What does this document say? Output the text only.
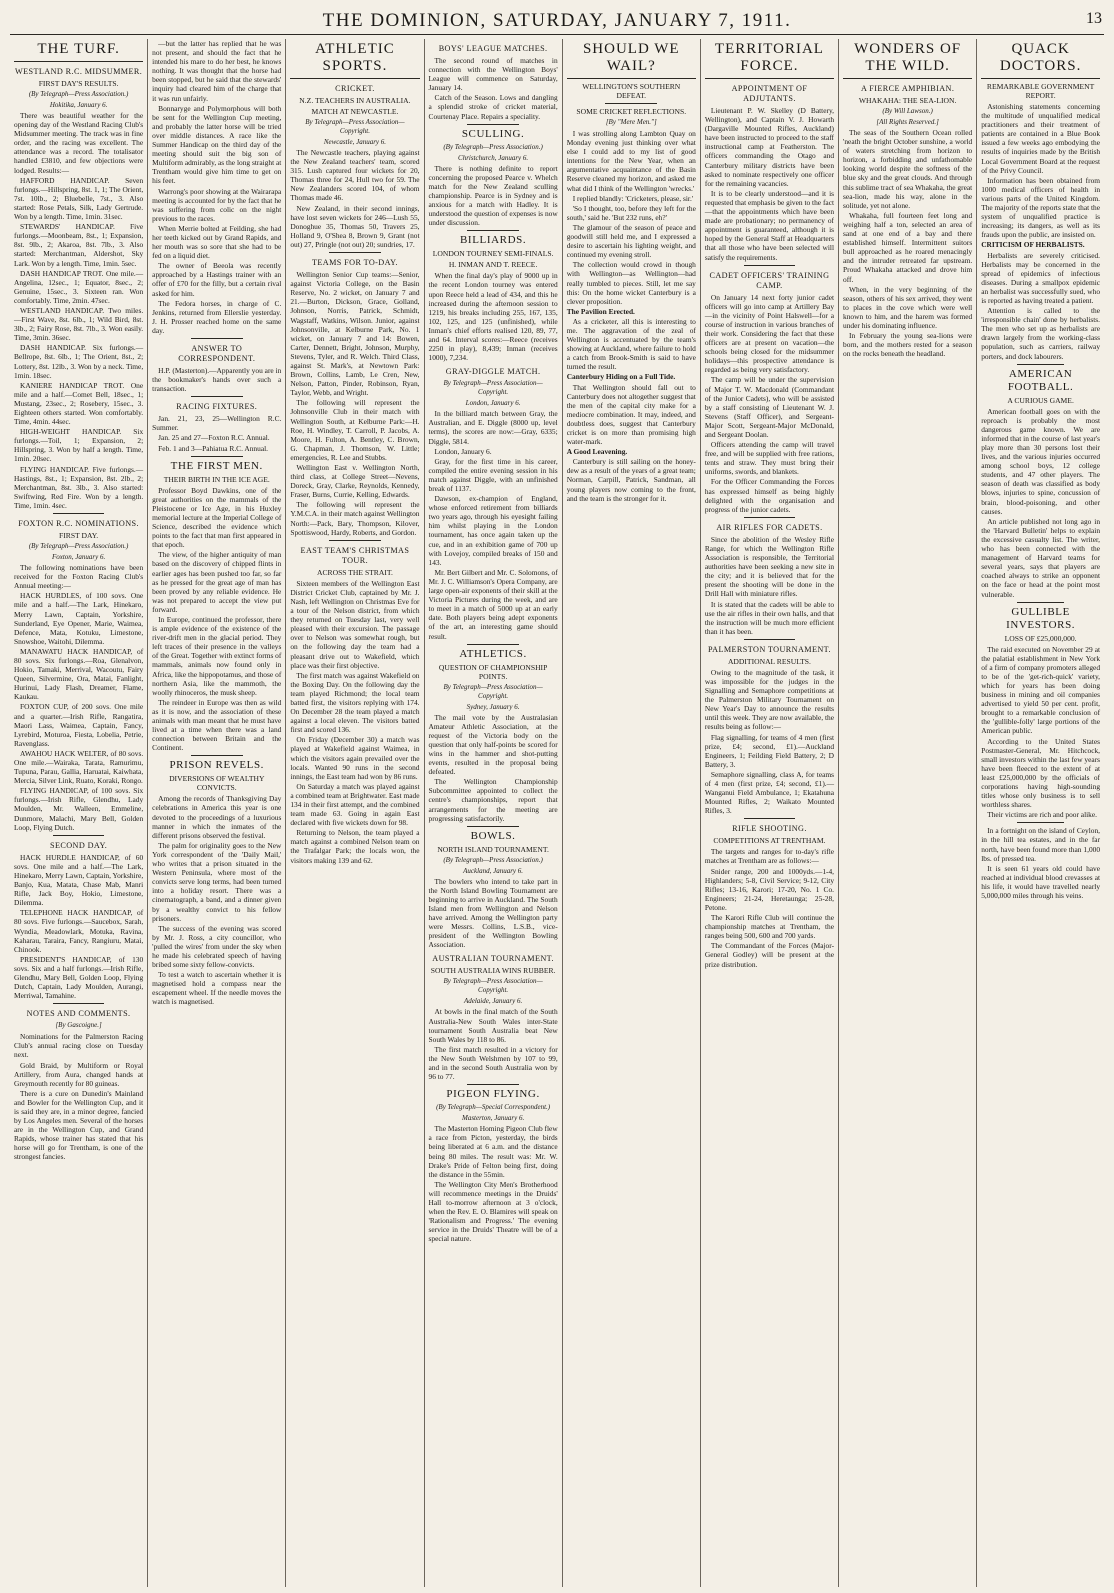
THE DOMINION, SATURDAY, JANUARY 7, 1911.	13
THE TURF.
WESTLAND R.C. MIDSUMMER.
FIRST DAY'S RESULTS.
(By Telegraph—Press Association.)
Hokitika, January 6.

There was beautiful weather for the opening day of the Westland Racing Club's Midsummer meeting. The track was in fine order, and the racing was excellent. The attendance was a record. The totalisator handled £3810, and few objections were lodged. Results:—

HAFFORD HANDICAP. Seven furlongs.—Hillspring, 8st. 1, 1; The Orient, 7st. 10lb., 2; Bluebelle, 7st., 3. Also started: Rose Petals, Silk, Lady Gertrude. Won by a length. Time, 1min. 31sec.

STEWARDS' HANDICAP. Five furlongs.—Moonbeam, 8st., 1; Expansion, 8st. 9lb., 2; Akaroa, 8st. 7lb., 3. Also started: Merchantman, Aldershot, Sky Lark. Won by a length. Time, 1min. 5sec.

DASH HANDICAP TROT. One mile.—Angelina, 12sec., 1; Equator, 8sec., 2; Genuine, 15sec., 3. Sixteen ran. Won comfortably. Time, 2min. 47sec.

WESTLAND HANDICAP. Two miles.—First Wave, 8st. 6lb., 1; Wild Bird, 8st. 3lb., 2; Fairy Rose, 8st. 7lb., 3. Won easily. Time, 3min. 36sec.

DASH HANDICAP. Six furlongs.—Bellrope, 8st. 6lb., 1; The Orient, 8st., 2; Lottery, 8st. 12lb., 3. Won by a neck. Time, 1min. 18sec.

KANIERE HANDICAP TROT. One mile and a half.—Comet Bell, 18sec., 1; Mustang, 23sec., 2; Rosebery, 15sec., 3. Eighteen others started. Won comfortably. Time, 4min. 44sec.

HIGH-WEIGHT HANDICAP. Six furlongs.—Toil, 1; Expansion, 2; Hillspring, 3. Won by half a length. Time, 1min. 20sec.

FLYING HANDICAP. Five furlongs.—Hastings, 8st., 1; Expansion, 8st. 2lb., 2; Merchantman, 8st. 3lb., 3. Also started: Swiftwing, Red Fire. Won by a length. Time, 1min. 4sec.

FOXTON R.C. NOMINATIONS.
FIRST DAY.
(By Telegraph—Press Association.)
Foxton, January 6.

The following nominations have been received for the Foxton Racing Club's Annual meeting:—

HACK HURDLES, of 100 sovs. One mile and a half.—The Lark, Hinekaro, Merry Lawn, Captain, Yorkshire, Sunderland, Eye Opener, Marie, Waimea, Defence, Mata, Kotuku, Limestone, Snowshoe, Waitohi, Dilemma.

MANAWATU HACK HANDICAP, of 80 sovs. Six furlongs.—Roa, Glenalvon, Hokio, Tamaki, Merrival, Wacoutu, Fairy Queen, Silvermine, Ora, Matai, Fanlight, Hurinui, Lady Flash, Dreamer, Flame, Kaukau.

FOXTON CUP, of 200 sovs. One mile and a quarter.—Irish Rifle, Rangatira, Maori Lass, Waimea, Captain, Fancy, Lyrebird, Moturoa, Fiesta, Lobelia, Petrie, Ravenglass.

AWAHOU HACK WELTER, of 80 sovs. One mile.—Wairaka, Tarata, Ramurimu, Tupuna, Parau, Gallia, Haruatai, Kaiwhata, Mercia, Silver Link, Ruato, Koraki, Rongo.

FLYING HANDICAP, of 100 sovs. Six furlongs.—Irish Rifle, Glendhu, Lady Moulden, Mr. Walleen, Emmeline, Dunmore, Malachi, Mary Bell, Golden Loop, Flying Dutch.

SECOND DAY.

HACK HURDLE HANDICAP, of 60 sovs. One mile and a half.—The Lark, Hinekaro, Merry Lawn, Captain, Yorkshire, Banjo, Kua, Matata, Chase Mab, Manri Rifle, Jack Boy, Hokio, Limestone, Dilemma.

TELEPHONE HACK HANDICAP, of 80 sovs. Five furlongs.—Saucebox, Sarah, Wyndia, Meadowlark, Motuka, Ravina, Kaharau, Taraira, Fancy, Rangiuru, Matai, Chinook.

PRESIDENT'S HANDICAP, of 130 sovs. Six and a half furlongs.—Irish Rifle, Glendhu, Mary Bell, Golden Loop, Flying Dutch, Captain, Lady Moulden, Aurangi, Merriwal, Tamahine.

NOTES AND COMMENTS.
[By Gascoigne.]

Nominations for the Palmerston Racing Club's annual racing close on Tuesday next.

Gold Braid, by Multiform or Royal Artillery, from Aura, changed hands at Greymouth recently for 80 guineas.

There is a cure on Dunedin's Mainland and Bowler for the Wellington Cup, and it is said they are, in a minor degree, fancied by Los Angeles men. Several of the horses are in the Wellington Cup, and Grand Rapids, whose trainer has stated that his horse will go for Trentham, is one of the strongest fancies.

—but the latter has replied that he was not present, and should the fact that he intended his mare to do her best, he knows nothing. It was thought that the horse had been stopped, but he said that the stewards' inquiry had cleared him of the charge that it was run unfairly.

Bonnaryge and Polymorphous will both be sent for the Wellington Cup meeting, and probably the latter horse will be tried over middle distances. A race like the Summer Handicap on the third day of the meeting should suit the big son of Multiform admirably, as the long straight at Trentham would give him time to get on his feet.

Warrong's poor showing at the Wairarapa meeting is accounted for by the fact that he was suffering from colic on the night previous to the races.

When Merrie bolted at Feilding, she had her teeth kicked out by Grand Rapids, and her mouth was so sore that she had to be fed on a liquid diet.

The owner of Beeola was recently approached by a Hastings trainer with an offer of £70 for the filly, but a certain rival asked for him.

The Fedora horses, in charge of C. Jenkins, returned from Ellerslie yesterday. J. H. Prosser reached home on the same day.

ANSWER TO CORRESPONDENT.

H.P. (Masterton).—Apparently you are in the bookmaker's hands over such a transaction.

RACING FIXTURES.

Jan. 21, 23, 25—Wellington R.C. Summer.

Jan. 25 and 27—Foxton R.C. Annual.

Feb. 1 and 3—Pahiatua R.C. Annual.

THE FIRST MEN.
THEIR BIRTH IN THE ICE AGE.

Professor Boyd Dawkins, one of the great authorities on the mammals of the Pleistocene or Ice Age, in his Huxley memorial lecture at the Imperial College of Science, described the evidence which points to the fact that man first appeared in that epoch.

The view, of the higher antiquity of man based on the discovery of chipped flints in earlier ages has been pushed too far, so far as he pressed for the great age of man has been proved by any reliable evidence. He was not prepared to accept the view put forward.

In Europe, continued the professor, there is ample evidence of the existence of the river-drift men in the glacial period. They left traces of their presence in the valleys of the Great. Together with extinct forms of mammals, animals now found only in Africa, like the hippopotamus, and those of northern Asia, like the mammoth, the woolly rhinoceros, the musk sheep.

The reindeer in Europe was then as wild as it is now, and the association of these animals with man meant that he must have lived at a time when there was a land connection between Britain and the Continent.

PRISON REVELS.
DIVERSIONS OF WEALTHY CONVICTS.

Among the records of Thanksgiving Day celebrations in America this year is one devoted to the proceedings of a luxurious manner in which the inmates of the different prisons observed the festival.

The palm for originality goes to the New York correspondent of the 'Daily Mail,' who writes that a prison situated in the Western Peninsula, where most of the convicts serve long terms, had been turned into a holiday resort. There was a cinematograph, a band, and a dinner given by a wealthy convict to his fellow prisoners.

The success of the evening was scored by Mr. J. Ross, a city councillor, who 'pulled the wires' from under the sky when he made his celebrated speech of having bribed some sixty fellow-convicts.

To test a watch to ascertain whether it is magnetised hold a compass near the escapement wheel. If the needle moves the watch is magnetised.

ATHLETIC SPORTS.
CRICKET.
N.Z. TEACHERS IN AUSTRALIA.
MATCH AT NEWCASTLE.
By Telegraph—Press Association—Copyright.
Newcastle, January 6.

The Newcastle teachers, playing against the New Zealand teachers' team, scored 315. Lush captured four wickets for 20, Thomas three for 24, Hull two for 59. The New Zealanders scored 104, of whom Thomas made 46.

New Zealand, in their second innings, have lost seven wickets for 246—Lush 55, Donoghue 35, Thomas 50, Travers 25, Holland 9, O'Shea 8, Brown 9, Grant (not out) 27, Pringle (not out) 20; sundries, 17.

TEAMS FOR TO-DAY.

Wellington Senior Cup teams:—Senior, against Victoria College, on the Basin Reserve, No. 2 wicket, on January 7 and 21.—Burton, Dickson, Grace, Golland, Johnson, Norris, Patrick, Schmidt, Wagstaff, Watkins, Wilson. Junior, against Johnsonville, at Kelburne Park, No. 1 wicket, on January 7 and 14: Bowen, Carter, Dennett, Bright, Johnson, Murphy, Stevens, Tyler, and R. Welch. Third Class, against St. Mark's, at Newtown Park: Brown, Collins, Lamb, Le Cren, New, Nelson, Patton, Pinder, Robinson, Ryan, Taylor, Webb, and Wright.

The following will represent the Johnsonville Club in their match with Wellington South, at Kelburne Park:—H. Roe, H. Windley, T. Carroll, P. Jacobs, A. Moore, H. Fulton, A. Bentley, C. Brown, G. Chapman, J. Thomson, W. Little; emergencies, R. Lee and Stubbs.

Wellington East v. Wellington North, third class, at College Street—Nevens, Doreck, Gray, Clarke, Reynolds, Kennedy, Fraser, Burns, Currie, Kelling, Edwards.

The following will represent the Y.M.C.A. in their match against Wellington North:—Pack, Bary, Thompson, Kilover, Spottiswood, Hardy, Roberts, and Gordon.

EAST TEAM'S CHRISTMAS TOUR.
ACROSS THE STRAIT.

Sixteen members of the Wellington East District Cricket Club, captained by Mr. J. Nash, left Wellington on Christmas Eve for a tour of the Nelson district, from which they returned on Tuesday last, very well pleased with their excursion. The passage over to Nelson was somewhat rough, but on the following day the team had a pleasant drive out to Wakefield, which place was their first objective.

The first match was against Wakefield on the Boxing Day. On the following day the team played Richmond; the local team batted first, the visitors replying with 174. On December 28 the team played a match against a local eleven. The visitors batted first and scored 136.

On Friday (December 30) a match was played at Wakefield against Waimea, in which the visitors again prevailed over the locals. Wanted 90 runs in the second innings, the East team had won by 86 runs.

On Saturday a match was played against a combined team at Brightwater. East made 134 in their first attempt, and the combined team made 63. Going in again East declared with five wickets down for 98.

Returning to Nelson, the team played a match against a combined Nelson team on the Trafalgar Park; the locals won, the visitors making 139 and 62.

BOYS' LEAGUE MATCHES.

The second round of matches in connection with the Wellington Boys' League will commence on Saturday, January 14.

Catch of the Season. Lows and dangling a splendid stroke of cricket material, Courtenay Place. Repairs a speciality.

SCULLING.
(By Telegraph—Press Association.)
Christchurch, January 6.

There is nothing definite to report concerning the proposed Pearce v. Whelch match for the New Zealand sculling championship. Pearce is in Sydney and is anxious for a match with Hadley. It is understood the question of expenses is now under discussion.

BILLIARDS.
LONDON TOURNEY SEMI-FINALS.
H. INMAN AND T. REECE.

When the final day's play of 9000 up in the recent London tourney was entered upon Reece held a lead of 434, and this he increased during the afternoon session to 1219, his breaks including 255, 167, 135, 102, 125, and 125 (unfinished), while Inman's chief efforts realised 120, 89, 77, and 64. Interval scores:—Reece (receives 2250 in play), 8,439; Inman (receives 1000), 7,234.

GRAY-DIGGLE MATCH.
By Telegraph—Press Association—Copyright.
London, January 6.

In the billiard match between Gray, the Australian, and E. Diggle (8000 up, level terms), the scores are now:—Gray, 6335; Diggle, 5814.

London, January 6.

Gray, for the first time in his career, compiled the entire evening session in his match against Diggle, with an unfinished break of 1137.

Dawson, ex-champion of England, whose enforced retirement from billiards two years ago, through his eyesight failing him whilst playing in the London tournament, has once again taken up the cue, and in an exhibition game of 700 up with Lovejoy, compiled breaks of 150 and 143.

Mr. Bert Gilbert and Mr. C. Solomons, of Mr. J. C. Williamson's Opera Company, are large open-air exponents of their skill at the Victoria Pictures during the week, and are to meet in a match of 5000 up at an early date. Both players being adept exponents of the art, an interesting game should result.

ATHLETICS.
QUESTION OF CHAMPIONSHIP POINTS.
By Telegraph—Press Association—Copyright.
Sydney, January 6.

The mail vote by the Australasian Amateur Athletic Association, at the request of the Victoria body on the question that only half-points be scored for wins in the hammer and shot-putting events, resulted in the proposal being defeated.

The Wellington Championship Subcommittee appointed to collect the centre's championships, report that arrangements for the meeting are progressing satisfactorily.

BOWLS.
NORTH ISLAND TOURNAMENT.
(By Telegraph—Press Association.)
Auckland, January 6.

The bowlers who intend to take part in the North Island Bowling Tournament are beginning to arrive in Auckland. The South Island men from Wellington and Nelson have arrived. Among the Wellington party were Messrs. Collins, L.S.B., vice-president of the Wellington Bowling Association.

AUSTRALIAN TOURNAMENT.
SOUTH AUSTRALIA WINS RUBBER.
By Telegraph—Press Association—Copyright.
Adelaide, January 6.

At bowls in the final match of the South Australia-New South Wales inter-State tournament South Australia beat New South Wales by 118 to 86.

The first match resulted in a victory for the New South Welshmen by 107 to 99, and in the second South Australia won by 96 to 77.

PIGEON FLYING.
(By Telegraph—Special Correspondent.)
Masterton, January 6.

The Masterton Homing Pigeon Club flew a race from Picton, yesterday, the birds being liberated at 6 a.m. and the distance being 80 miles. The result was: Mr. W. Drake's Pride of Felton being first, doing the distance in the 55min.

The Wellington City Men's Brotherhood will recommence meetings in the Druids' Hall to-morrow afternoon at 3 o'clock, when the Rev. E. O. Blamires will speak on 'Rationalism and Progress.' The evening service in the Druids' Theatre will be of a special nature.

SHOULD WE WAIL?
WELLINGTON'S SOUTHERN DEFEAT.
SOME CRICKET REFLECTIONS.
[By "Mere Men."]

I was strolling along Lambton Quay on Monday evening just thinking over what else I could add to my list of good intentions for the New Year, when an argumentative acquaintance of the Basin Reserve cleaned my horizon, and asked me what did I think of the Wellington 'wrecks.'

I replied blandly: 'Cricketers, please, sir.'

'So I thought, too, before they left for the south,' said he. 'But 232 runs, eh?'

The glamour of the season of peace and goodwill still held me, and I expressed a desire to ascertain his lighting weight, and continued my evening stroll.

The collection would crowd in though with Wellington—as Wellington—had really tumbled to pieces. Still, let me say this: On the home wicket Canterbury is a clever proposition.

The Pavilion Erected.

As a cricketer, all this is interesting to me. The aggravation of the zeal of Wellington is accentuated by the team's showing at Auckland, where failure to hold a catch from Brook-Smith is said to have turned the result.

Canterbury Hiding on a Full Tide.

That Wellington should fall out to Canterbury does not altogether suggest that the men of the capital city make for a mediocre combination. It may, indeed, and doubtless does, suggest that Canterbury cricket is on more than promising high water-mark.

A Good Leavening.

Canterbury is still sailing on the honey-dew as a result of the years of a great team; Norman, Carpill, Patrick, Sandman, all young players now coming to the front, and the team is the stronger for it.

TERRITORIAL FORCE.
APPOINTMENT OF ADJUTANTS.

Lieutenant P. W. Skelley (D Battery, Wellington), and Captain V. J. Howarth (Dargaville Mounted Rifles, Auckland) have been instructed to proceed to the staff instructional camp at Featherston. The officers commanding the Otago and Canterbury military districts have been asked to nominate respectively one officer for the remaining vacancies.

It is to be clearly understood—and it is requested that emphasis be given to the fact—that the appointments which have been made are probationary; no permanency of appointment is guaranteed, although it is hoped by the General Staff at Headquarters that all those who have been selected will satisfy the requirements.

CADET OFFICERS' TRAINING CAMP.

On January 14 next forty junior cadet officers will go into camp at Artillery Bay—in the vicinity of Point Halswell—for a course of instruction in various branches of their work. Considering the fact that these officers are at present on vacation—the schools being closed for the midsummer holidays—this prospective attendance is regarded as being very satisfactory.

The camp will be under the supervision of Major T. W. Macdonald (Commandant of the Junior Cadets), who will be assisted by a staff consisting of Lieutenant W. J. Stevens (Staff Officer), and Sergeant-Major Scott, Sergeant-Major McDonald, and Sergeant Doolan.

Officers attending the camp will travel free, and will be supplied with free rations, tents and straw. They must bring their uniforms, swords, and blankets.

For the Officer Commanding the Forces has expressed himself as being highly delighted with the organisation and progress of the junior cadets.

AIR RIFLES FOR CADETS.

Since the abolition of the Wesley Rifle Range, for which the Wellington Rifle Association is responsible, the Territorial authorities have been seeking a new site in the city; and it is believed that for the present the shooting will be done in the Drill Hall with miniature rifles.

It is stated that the cadets will be able to use the air rifles in their own halls, and that the instruction will be much more efficient than it has been.

PALMERSTON TOURNAMENT.
ADDITIONAL RESULTS.

Owing to the magnitude of the task, it was impossible for the judges in the Signalling and Semaphore competitions at the Palmerston Military Tournament on New Year's Day to announce the results until this week. They are now available, the results being as follow:—

Flag signalling, for teams of 4 men (first prize, £4; second, £1).—Auckland Engineers, 1; Feilding Field Battery, 2; D Battery, 3.

Semaphore signalling, class A, for teams of 4 men (first prize, £4; second, £1).—Wanganui Field Ambulance, 1; Ekatahuna Mounted Rifles, 2; Waikato Mounted Rifles, 3.

RIFLE SHOOTING.
COMPETITIONS AT TRENTHAM.

The targets and ranges for to-day's rifle matches at Trentham are as follows:—

Snider range, 200 and 1000yds.—1-4, Highlanders; 5-8, Civil Service; 9-12, City Rifles; 13-16, Karori; 17-20, No. 1 Co. Engineers; 21-24, Heretaunga; 25-28, Petone.

The Karori Rifle Club will continue the championship matches at Trentham, the ranges being 500, 600 and 700 yards.

The Commandant of the Forces (Major-General Godley) will be present at the prize distribution.

WONDERS OF THE WILD.
A FIERCE AMPHIBIAN.
WHAKAHA: THE SEA-LION.
(By Will Lawson.)
[All Rights Reserved.]

The seas of the Southern Ocean rolled 'neath the bright October sunshine, a world of waters stretching from horizon to horizon, a forbidding and unfathomable looking world despite the softness of the blue sky and the great clouds. And through this sublime tract of sea Whakaha, the great sea-lion, made his way, alone in the solitude, yet not alone.

Whakaha, full fourteen feet long and weighing half a ton, selected an area of sand at one end of a bay and there established himself. Intermittent suitors bull approached as he roared menacingly and the intruder retreated far upstream. Proud Whakaha attacked and drove him off.

When, in the very beginning of the season, others of his sex arrived, they went to places in the cove which were well known to him, and the harem was formed under his dominating influence.

In February the young sea-lions were born, and the mothers rested for a season on the rocks beneath the headland.

QUACK DOCTORS.
REMARKABLE GOVERNMENT REPORT.

Astonishing statements concerning the multitude of unqualified medical practitioners and their treatment of patients are contained in a Blue Book issued a few weeks ago embodying the results of inquiries made by the British Local Government Board at the request of the Privy Council.

Information has been obtained from 1000 medical officers of health in various parts of the United Kingdom. The majority of the reports state that the system of unqualified practice is increasing; its dangers, as well as its frauds upon the public, are insisted on.

CRITICISM OF HERBALISTS.

Herbalists are severely criticised. Herbalists may be concerned in the spread of epidemics of infectious diseases. During a smallpox epidemic an herbalist was successfully sued, who is reported as having treated a patient.

Attention is called to the 'irresponsible chain' done by herbalists. The men who set up as herbalists are drawn largely from the working-class population, such as carriers, railway porters, and dock labourers.

AMERICAN FOOTBALL.
A CURIOUS GAME.

American football goes on with the reproach is probably the most dangerous game known. We are informed that in the course of last year's play more than 30 persons lost their lives, and the various injuries occurred among school boys, 12 college students, and 47 other players. The season of death was classified as body blows, injuries to spine, concussion of brain, blood-poisoning, and other causes.

An article published not long ago in the 'Harvard Bulletin' helps to explain the excessive casualty list. The writer, who has been connected with the management of Harvard teams for several years, says that players are coached always to strike an opponent on the face or head at the point most vulnerable.

GULLIBLE INVESTORS.
LOSS OF £25,000,000.

The raid executed on November 29 at the palatial establishment in New York of a firm of company promoters alleged to be of the 'get-rich-quick' variety, which for years has been doing business in mining and oil companies advertised to yield 50 per cent. profit, brought to a remarkable conclusion of the 'gullible-folly' large portions of the American public.

According to the United States Postmaster-General, Mr. Hitchcock, small investors within the last few years have been fleeced to the extent of at least £25,000,000 by the officials of corporations having high-sounding titles whose only business is to sell worthless shares.

Their victims are rich and poor alike.

In a fortnight on the island of Ceylon, in the hill tea estates, and in the far north, have been found more than 1,000 lbs. of pressed tea.

It is seen 61 years old could have reached at individual blood crevasses at his life, it would have travelled nearly 5,000,000 miles through his veins.
